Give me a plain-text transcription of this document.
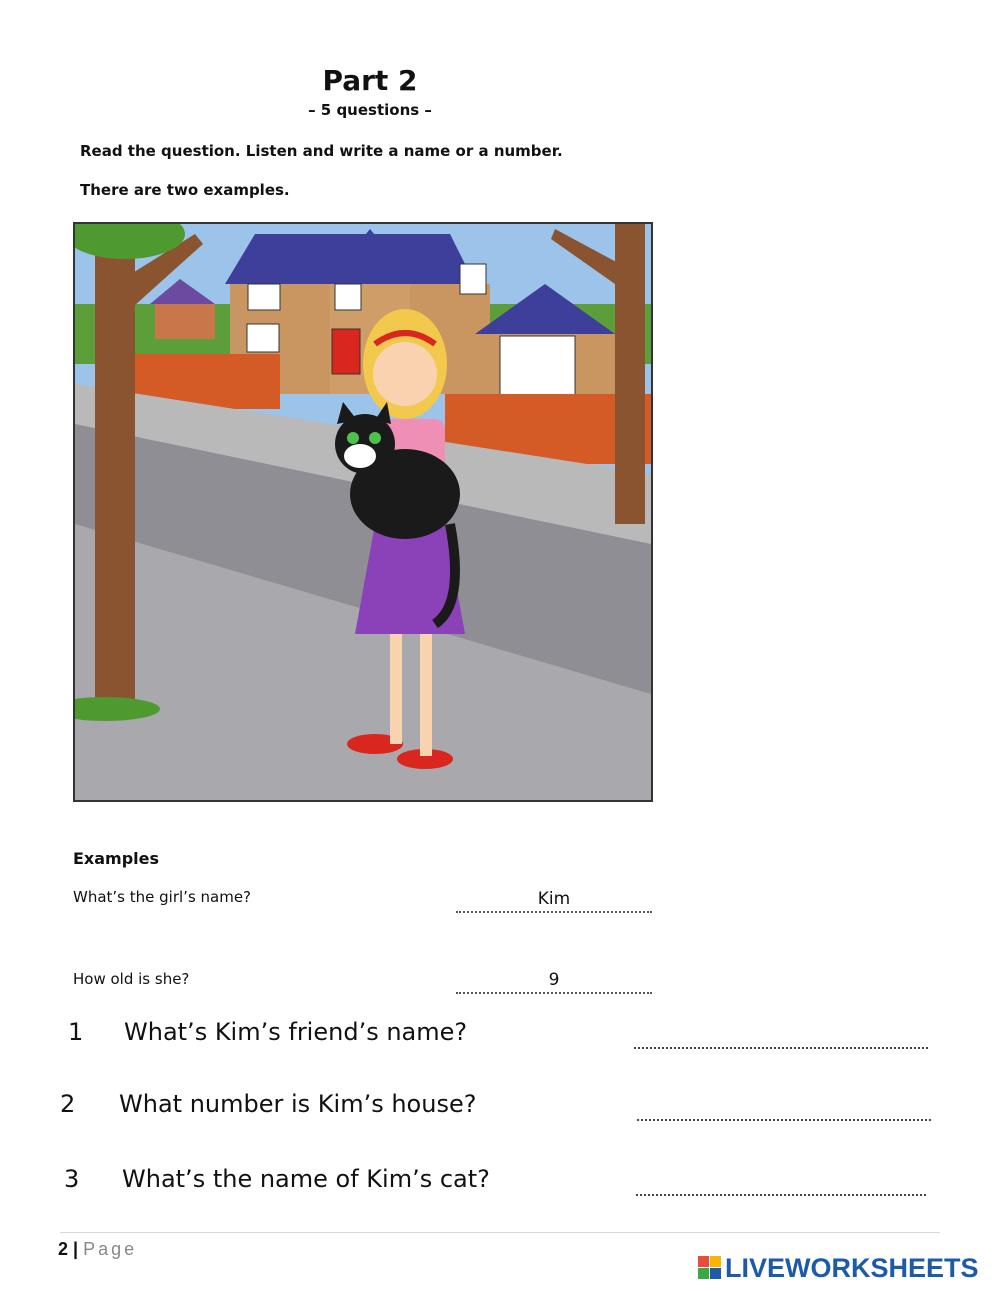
Part 2
– 5 questions –
Read the question. Listen and write a name or a number.
There are two examples.
Examples
What’s the girl’s name?	Kim
How old is she?	9
1 What’s Kim’s friend’s name?
2 What number is Kim’s house?
3 What’s the name of Kim’s cat?
2 | Page
LIVEWORKSHEETS
